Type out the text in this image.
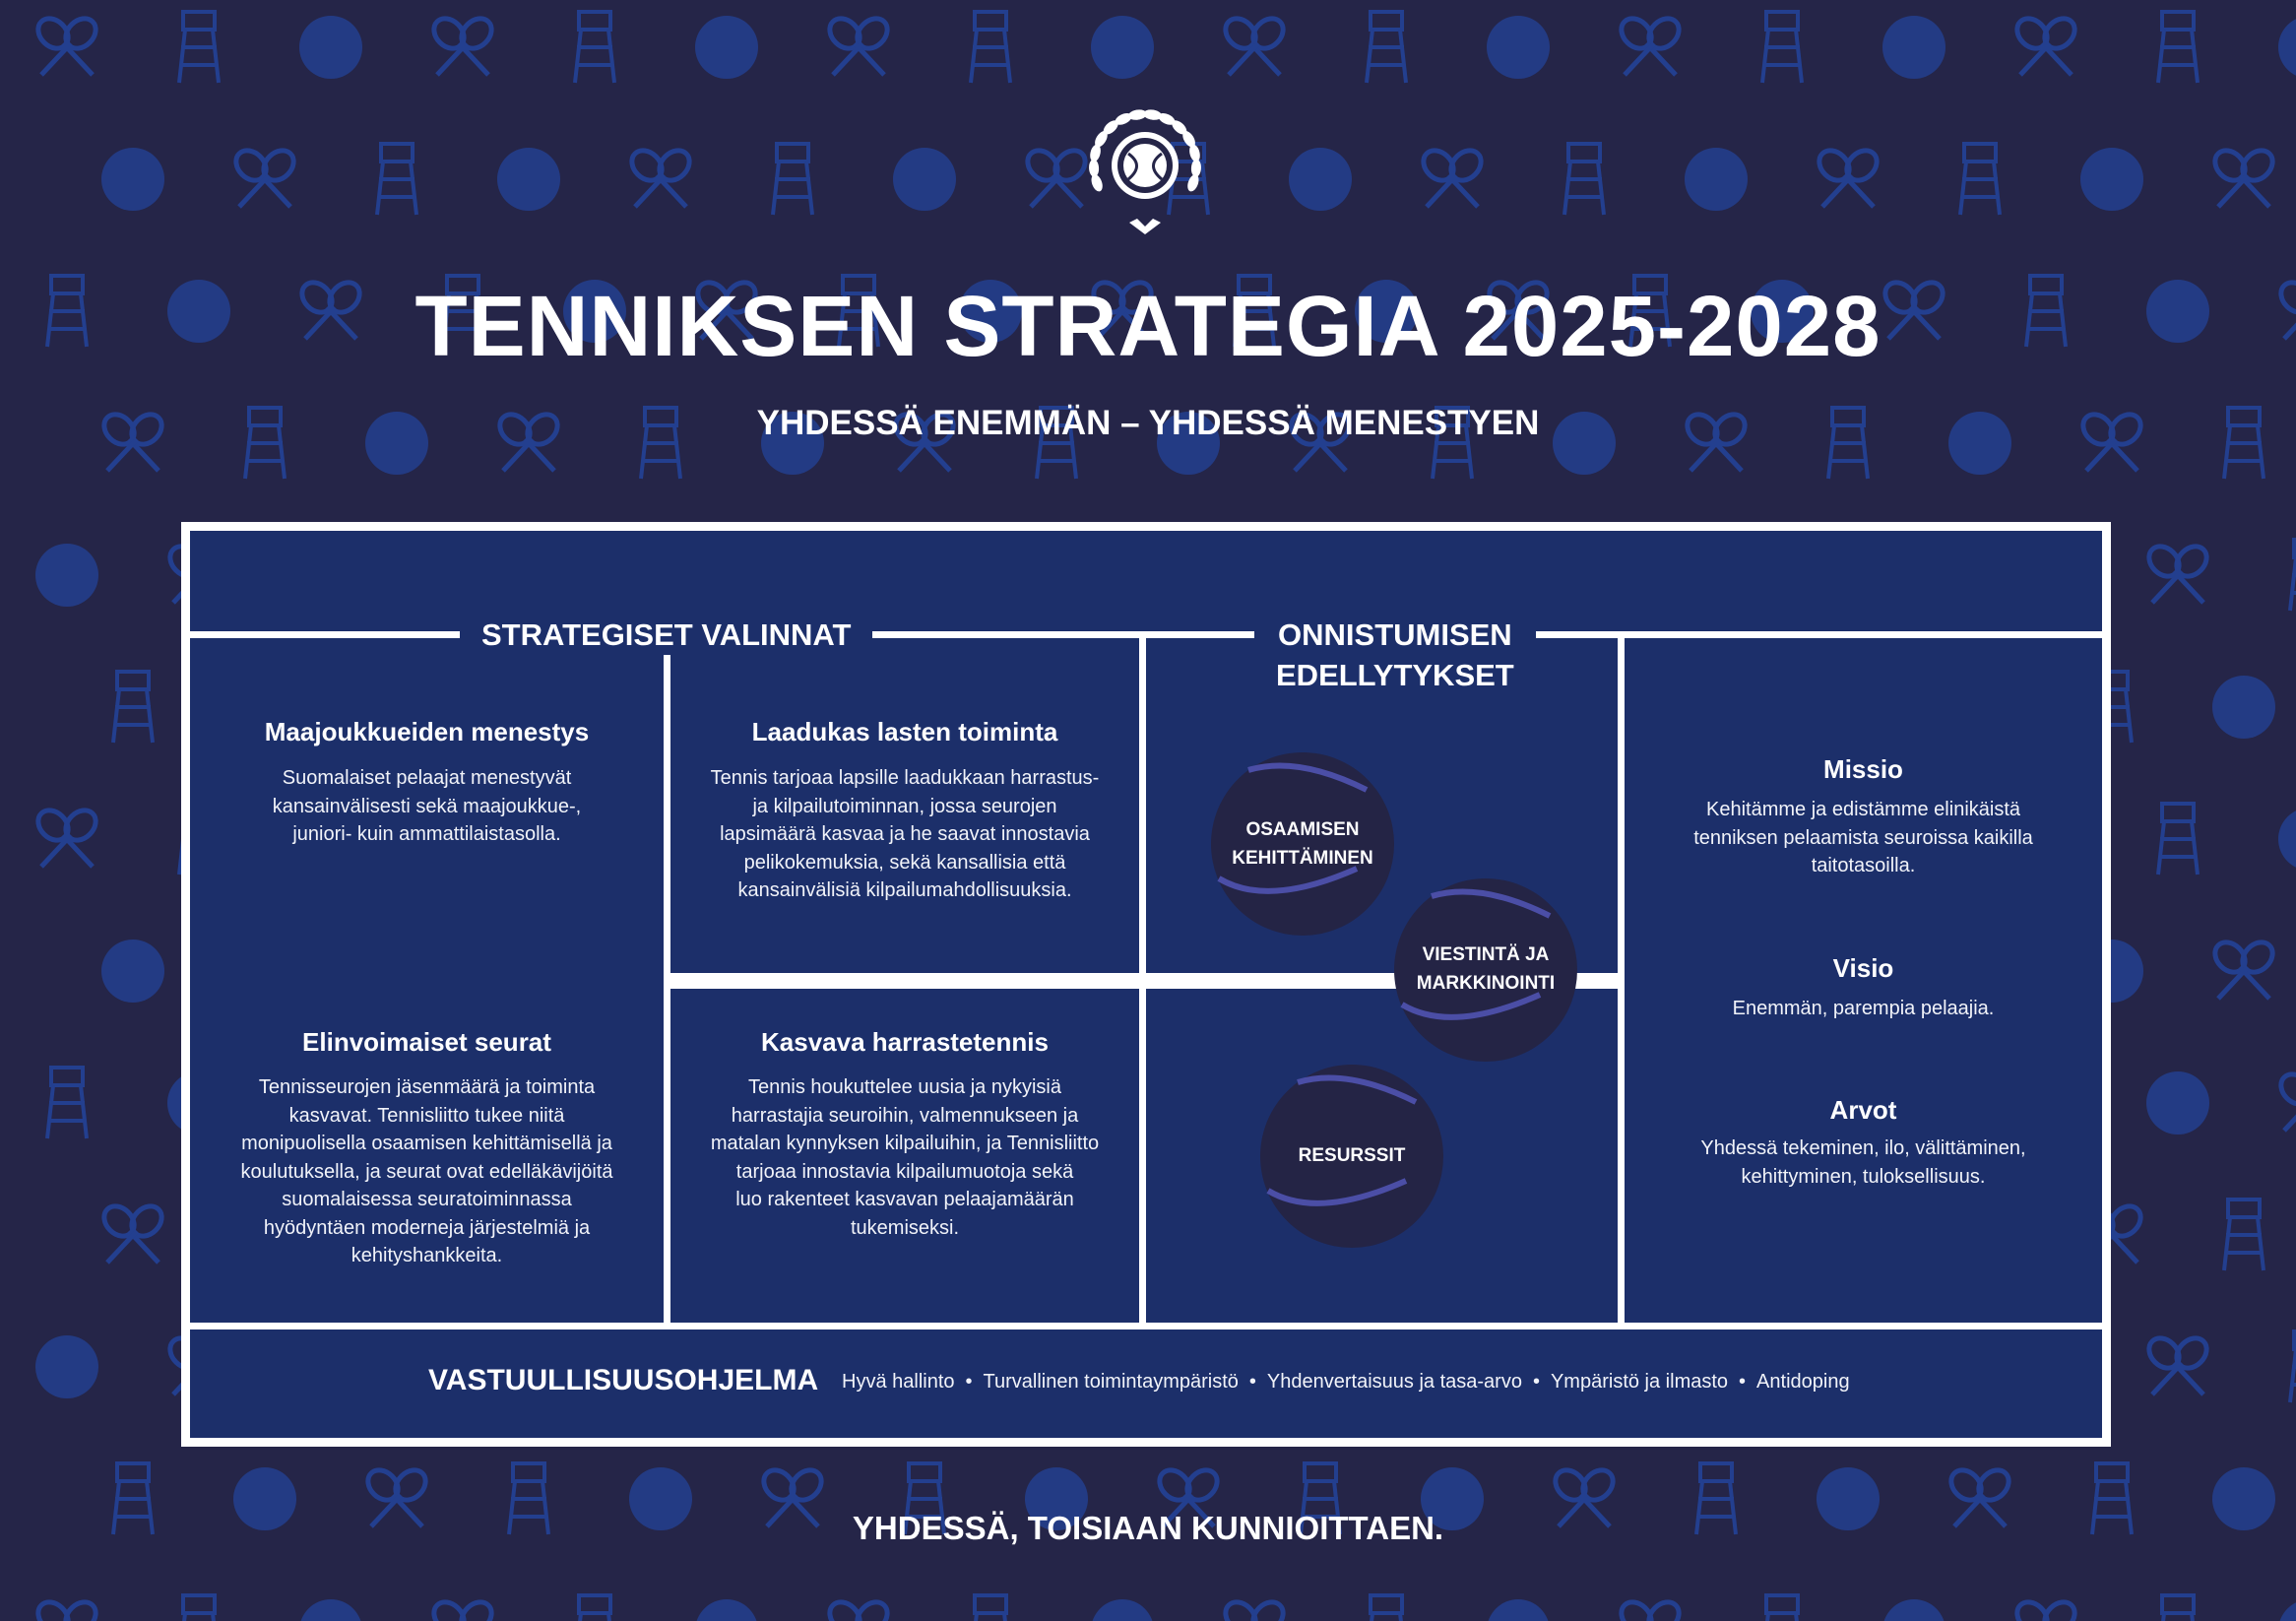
TENNIKSEN STRATEGIA 2025-2028
YHDESSÄ ENEMMÄN – YHDESSÄ MENESTYEN
STRATEGISET VALINNAT	ONNISTUMISEN
EDELLYTYKSET
Maajoukkueiden menestys
Suomalaiset pelaajat menestyvät
kansainvälisesti sekä maajoukkue-,
juniori- kuin ammattilaistasolla.
Laadukas lasten toiminta
Tennis tarjoaa lapsille laadukkaan harrastus-
ja kilpailutoiminnan, jossa seurojen
lapsimäärä kasvaa ja he saavat innostavia
pelikokemuksia, sekä kansallisia että
kansainvälisiä kilpailumahdollisuuksia.
Elinvoimaiset seurat
Tennisseurojen jäsenmäärä ja toiminta
kasvavat. Tennisliitto tukee niitä
monipuolisella osaamisen kehittämisellä ja
koulutuksella, ja seurat ovat edelläkävijöitä
suomalaisessa seuratoiminnassa
hyödyntäen moderneja järjestelmiä ja
kehityshankkeita.
Kasvava harrastetennis
Tennis houkuttelee uusia ja nykyisiä
harrastajia seuroihin, valmennukseen ja
matalan kynnyksen kilpailuihin, ja Tennisliitto
tarjoaa innostavia kilpailumuotoja sekä
luo rakenteet kasvavan pelaajamäärän
tukemiseksi.
OSAAMISEN
KEHITTÄMINEN
VIESTINTÄ JA
MARKKINOINTI
RESURSSIT
Missio
Kehitämme ja edistämme elinikäistä
tenniksen pelaamista seuroissa kaikilla
taitotasoilla.
Visio
Enemmän, parempia pelaajia.
Arvot
Yhdessä tekeminen, ilo, välittäminen,
kehittyminen, tuloksellisuus.
VASTUULLISUUSOHJELMA Hyvä hallinto • Turvallinen toimintaympäristö • Yhdenvertaisuus ja tasa-arvo • Ympäristö ja ilmasto • Antidoping
YHDESSÄ, TOISIAAN KUNNIOITTAEN.
